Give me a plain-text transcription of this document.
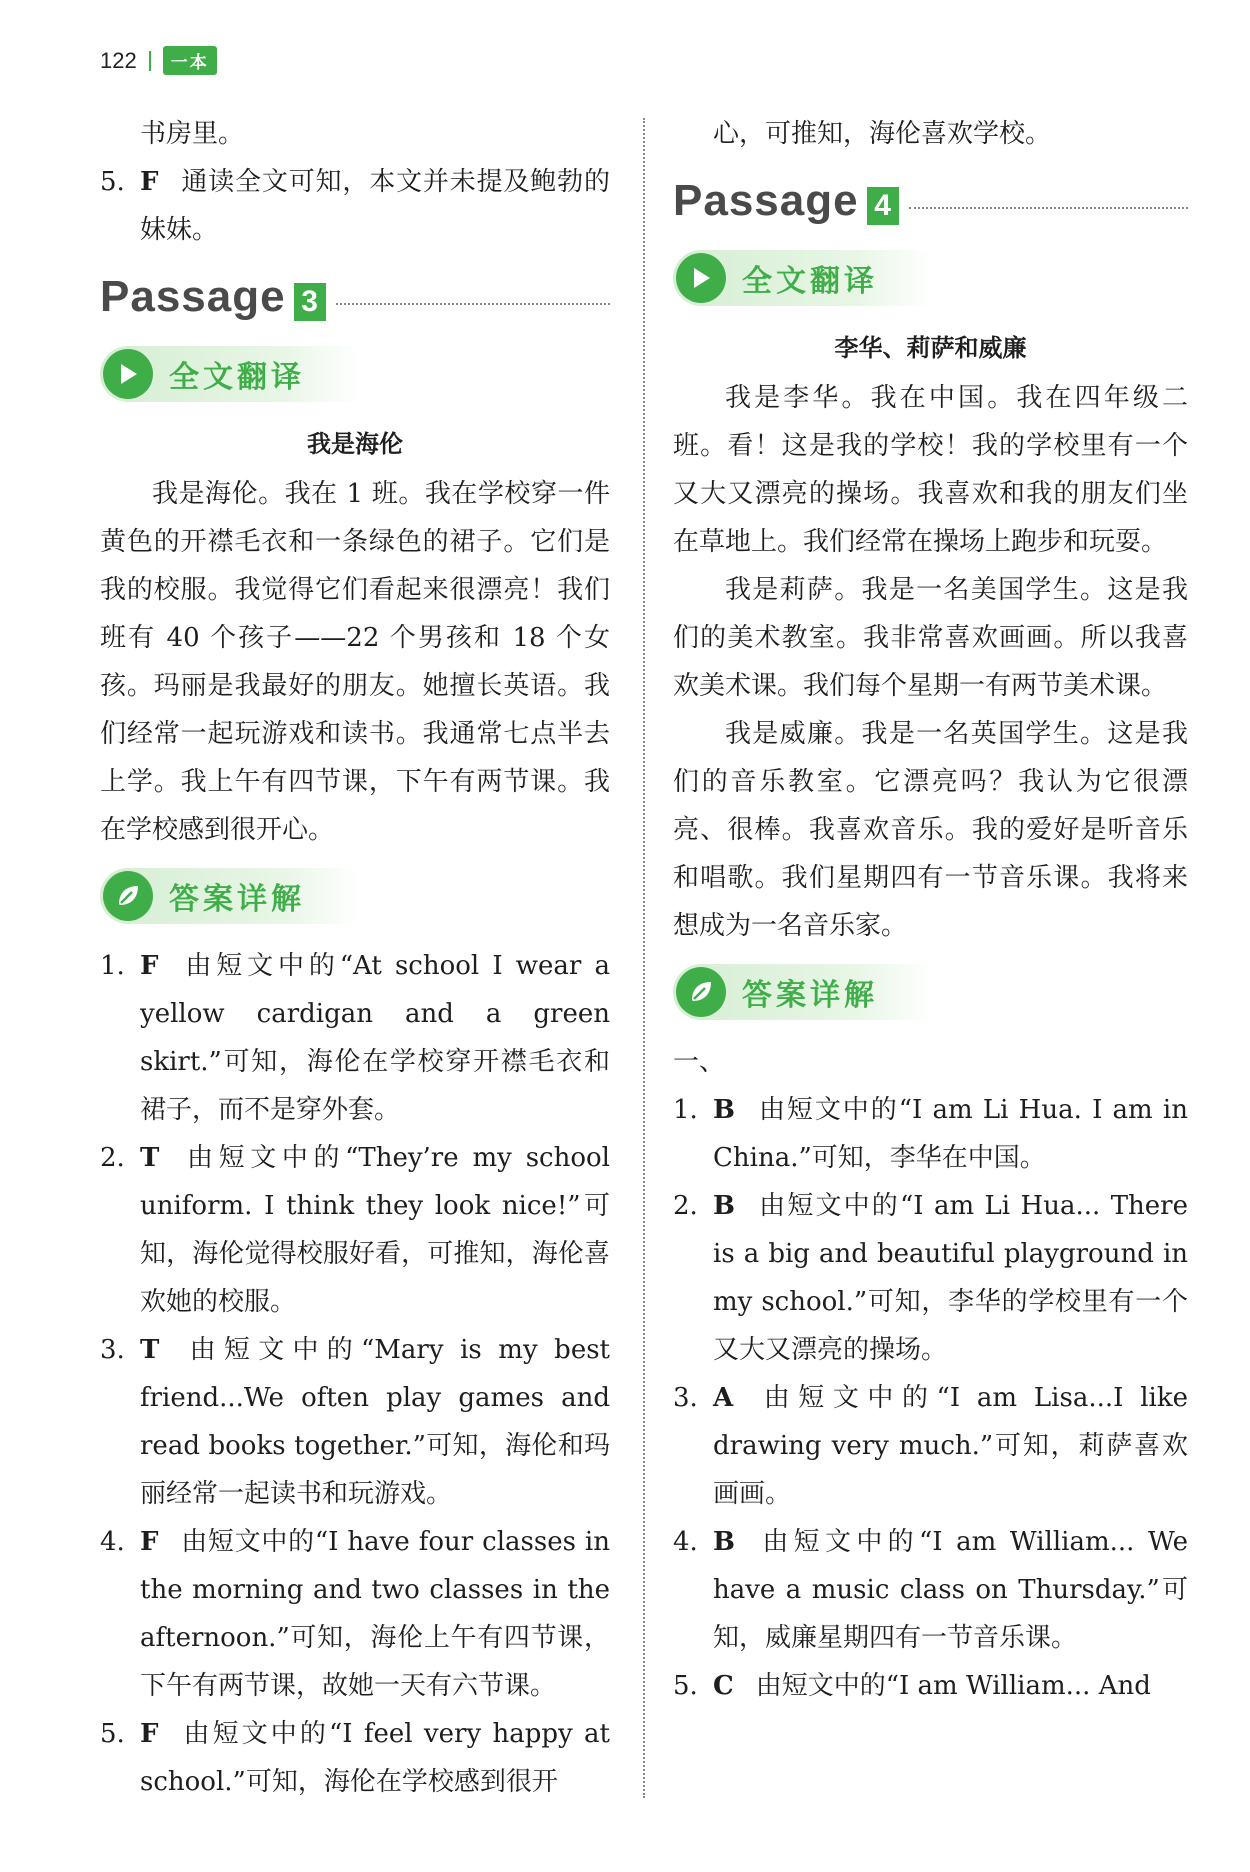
122	一本

书房里。

5. F 通读全文可知，本文并未提及鲍勃的妹妹。
Passage 3
全文翻译

我是海伦

我是海伦。我在 1 班。我在学校穿一件黄色的开襟毛衣和一条绿色的裙子。它们是我的校服。我觉得它们看起来很漂亮！我们班有 40 个孩子——22 个男孩和 18 个女孩。玛丽是我最好的朋友。她擅长英语。我们经常一起玩游戏和读书。我通常七点半去上学。我上午有四节课，下午有两节课。我在学校感到很开心。

答案详解
1. F 由短文中的“At school I wear a yellow cardigan and a green skirt.”可知，海伦在学校穿开襟毛衣和裙子，而不是穿外套。
2. T 由短文中的“They’re my school uniform. I think they look nice!”可知，海伦觉得校服好看，可推知，海伦喜欢她的校服。
3. T 由短文中的“Mary is my best friend...We often play games and read books together.”可知，海伦和玛丽经常一起读书和玩游戏。
4. F 由短文中的“I have four classes in the morning and two classes in the afternoon.”可知，海伦上午有四节课，下午有两节课，故她一天有六节课。
5. F 由短文中的“I feel very happy at school.”可知，海伦在学校感到很开

心，可推知，海伦喜欢学校。

Passage 4
全文翻译

李华、莉萨和威廉

我是李华。我在中国。我在四年级二班。看！这是我的学校！我的学校里有一个又大又漂亮的操场。我喜欢和我的朋友们坐在草地上。我们经常在操场上跑步和玩耍。

我是莉萨。我是一名美国学生。这是我们的美术教室。我非常喜欢画画。所以我喜欢美术课。我们每个星期一有两节美术课。

我是威廉。我是一名英国学生。这是我们的音乐教室。它漂亮吗？我认为它很漂亮、很棒。我喜欢音乐。我的爱好是听音乐和唱歌。我们星期四有一节音乐课。我将来想成为一名音乐家。

答案详解

一、

1. B 由短文中的“I am Li Hua. I am in China.”可知，李华在中国。
2. B 由短文中的“I am Li Hua... There is a big and beautiful playground in my school.”可知，李华的学校里有一个又大又漂亮的操场。
3. A 由短文中的“I am Lisa...I like drawing very much.”可知，莉萨喜欢画画。
4. B 由短文中的“I am William... We have a music class on Thursday.”可知，威廉星期四有一节音乐课。
5. C 由短文中的“I am William... And
